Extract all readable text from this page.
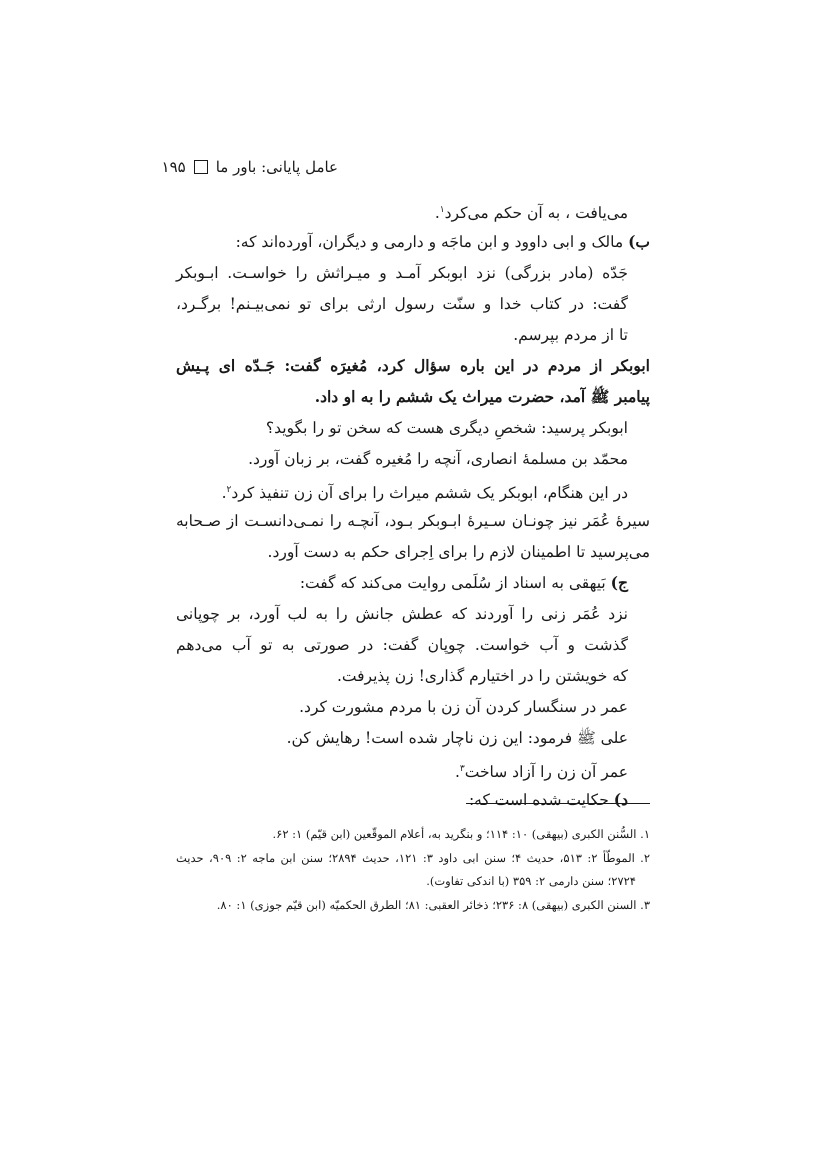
عامل پایانی: باور ما
۱۹۵
می‌یافت ، به آن حکم می‌کرد$^۱$.
ب) مالک و ابی داوود و ابن ماجَه و دارمی و دیگران، آورده‌اند که:
جَدّه (مادر بزرگی) نزد ابوبکر آمـد و میـراثش را خواسـت. ابـوبکر
گفت: در کتاب خدا و سنّت رسول ارثی برای تو نمی‌بیـنم! برگـرد،
تا از مردم بپرسم.
ابوبکر از مردم در این باره سؤال کرد، مُغیرَه گفت: جَـدّه ای پـیش
پیامبر ﷺ آمد، حضرت میراث یک ششم را به او داد.
ابوبکر پرسید: شخصِ دیگری هست که سخن تو را بگوید؟
محمّد بن مسلمهٔ انصاری، آنچه را مُغیره گفت، بر زبان آورد.
در این هنگام، ابوبکر یک ششم میراث را برای آن زن تنفیذ کرد$^۲$.
سیرهٔ عُمَر نیز چونـان سـیرهٔ ابـوبکر بـود، آنچـه را نمـی‌دانسـت از صـحابه
می‌پرسید تا اطمینان لازم را برای اِجرای حکم به دست آورد.
ج) بَیهقی به اسناد از سُلَمی روایت می‌کند که گفت:
نزد عُمَر زنی را آوردند که عطش جانش را به لب آورد، بر چوپانی
گذشت و آب خواست. چوپان گفت: در صورتی به تو آب می‌دهم
که خویشتن را در اختیارم گذاری! زن پذیرفت.
عمر در سنگسار کردن آن زن با مردم مشورت کرد.
علی ﷺ فرمود: این زن ناچار شده است! رهایش کن.
عمر آن زن را آزاد ساخت$^۳$.
د) حکایت شده است که:
۱. السُّنن الکبری (بیهقی) ۱۰: ۱۱۴؛ و بنگرید به، أعلام الموقّعین (ابن قیّم) ۱: ۶۲.
۲. الموطّأ ۲: ۵۱۳، حدیث ۴؛ سنن ابی داود ۳: ۱۲۱، حدیث ۲۸۹۴؛ سنن ابن ماجه ۲: ۹۰۹، حدیث
۲۷۲۴؛ سنن دارمی ۲: ۳۵۹ (با اندکی تفاوت).
۳. السنن الکبری (بیهقی) ۸: ۲۳۶؛ ذخائر العقبی: ۸۱؛ الطرق الحکمیّه (ابن قیّم جوزی) ۱: ۸۰.
